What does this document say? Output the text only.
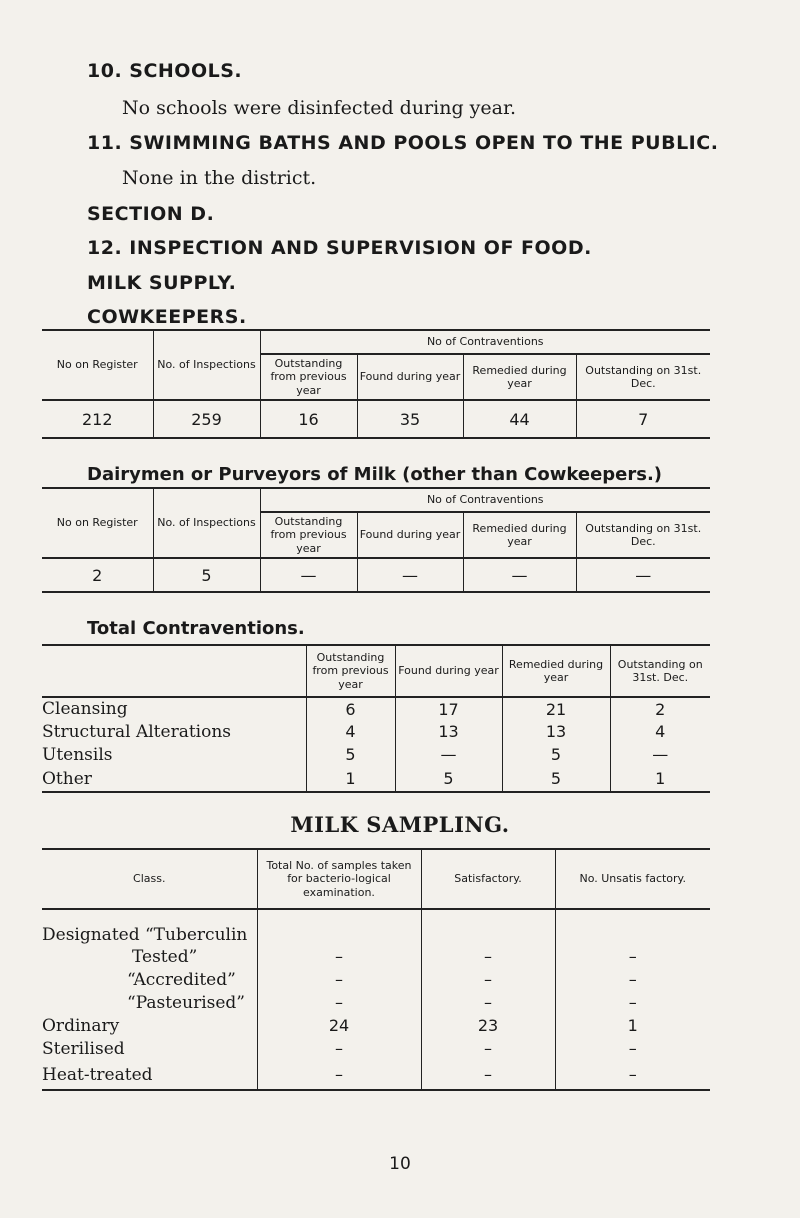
10. SCHOOLS.
No schools were disinfected during year.
11. SWIMMING BATHS AND POOLS OPEN TO THE PUBLIC.
None in the district.
SECTION D.
12. INSPECTION AND SUPERVISION OF FOOD.
MILK SUPPLY.
COWKEEPERS.
No on Register	No. of Inspections	No of Contraventions			
		Outstanding from previous year	Found during year	Remedied during year	Outstanding on 31st. Dec.
212	259	16	35	44	7
Dairymen or Purveyors of Milk (other than Cowkeepers.)
No on Register	No. of Inspections	No of Contraventions			
		Outstanding from previous year	Found during year	Remedied during year	Outstanding on 31st. Dec.
2	5	—	—	—	—
Total Contraventions.
	Outstanding from previous year	Found during year	Remedied during year	Outstanding on 31st. Dec.
Cleansing	6	17	21	2
Structural Alterations	4	13	13	4
Utensils	5	—	5	—
Other	1	5	5	1
MILK SAMPLING.
Class.	Total No. of samples taken for bacterio-logical examination.	Satisfactory.	No. Unsatis factory.
Designated “Tuberculin			
Tested”	–	–	–
“Accredited”	–	–	–
“Pasteurised”	–	–	–
Ordinary	24	23	1
Sterilised	–	–	–
Heat-treated	–	–	–
10
